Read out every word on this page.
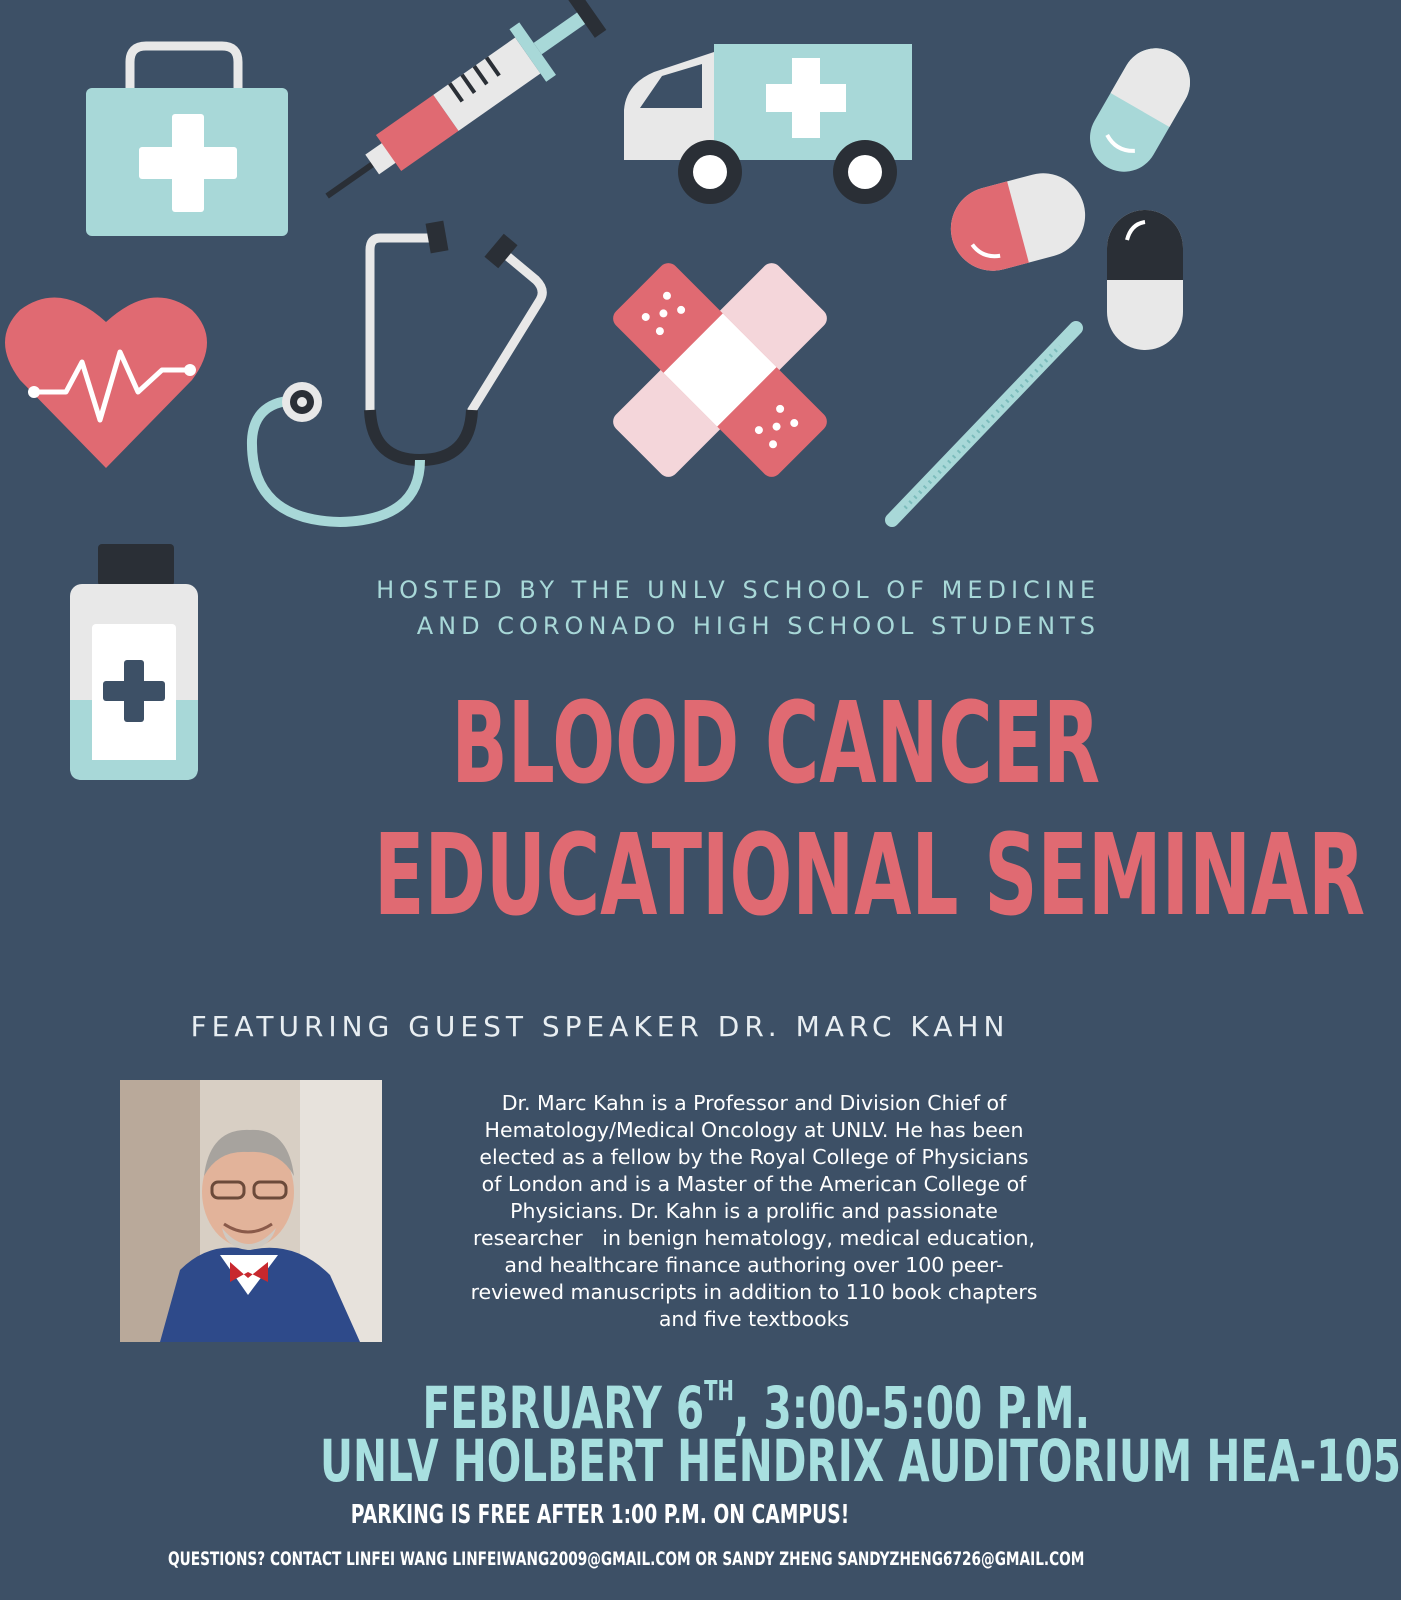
HOSTED BY THE UNLV SCHOOL OF MEDICINE
AND CORONADO HIGH SCHOOL STUDENTS
BLOOD CANCER
EDUCATIONAL SEMINAR
FEATURING GUEST SPEAKER DR. MARC KAHN
Dr. Marc Kahn is a Professor and Division Chief of
Hematology/Medical Oncology at UNLV. He has been
elected as a fellow by the Royal College of Physicians
of London and is a Master of the American College of
Physicians. Dr. Kahn is a prolific and passionate
researcher   in benign hematology, medical education,
and healthcare finance authoring over 100 peer-
reviewed manuscripts in addition to 110 book chapters
and five textbooks
FEBRUARY 6TH, 3:00-5:00 P.M.
UNLV HOLBERT HENDRIX AUDITORIUM HEA-105
PARKING IS FREE AFTER 1:00 P.M. ON CAMPUS!
QUESTIONS? CONTACT LINFEI WANG LINFEIWANG2009@GMAIL.COM OR SANDY ZHENG SANDYZHENG6726@GMAIL.COM
